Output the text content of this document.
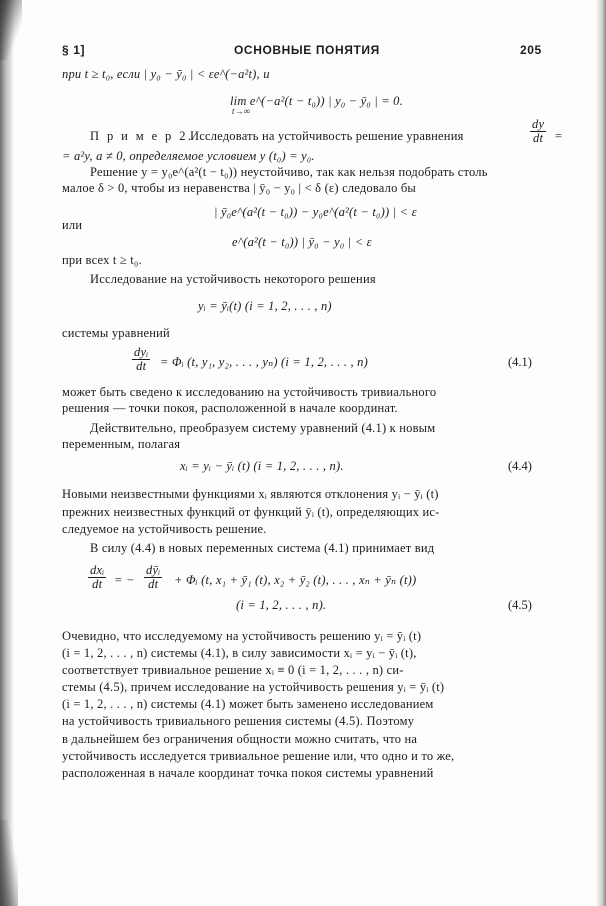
§ 1]	ОСНОВНЫЕ ПОНЯТИЯ	205
при t ≥ t₀, если | y₀ − ȳ₀ | < εe^(−a²t), и
lim e^(−a²(t − t₀)) | y₀ − ȳ₀ | = 0.
t→∞
П р и м е р 2.
Исследовать на устойчивость решение уравнения	$\frac{dy}{dt}$ =
= a²y, a ≠ 0, определяемое условием y (t₀) = y₀.
Решение y = y₀e^(a²(t − t₀)) неустойчиво, так как нельзя подобрать столь
малое δ > 0, чтобы из неравенства | ȳ₀ − y₀ | < δ (ε) следовало бы
| ȳ₀e^(a²(t − t₀)) − y₀e^(a²(t − t₀)) | < ε
или
e^(a²(t − t₀)) | ȳ₀ − y₀ | < ε
при всех t ≥ t₀.
Исследование на устойчивость некоторого решения
yᵢ = ȳᵢ(t) (i = 1, 2, . . . , n)
системы уравнений
dyᵢ
dt	= Φᵢ (t, y₁, y₂, . . . , yₙ) (i = 1, 2, . . . , n)	(4.1)
может быть сведено к исследованию на устойчивость тривиального
решения — точки покоя, расположенной в начале координат.
Действительно, преобразуем систему уравнений (4.1) к новым
переменным, полагая
xᵢ = yᵢ − ȳᵢ (t) (i = 1, 2, . . . , n).	(4.4)
Новыми неизвестными функциями xᵢ являются отклонения yᵢ − ȳᵢ (t)
прежних неизвестных функций от функций ȳᵢ (t), определяющих ис-
следуемое на устойчивость решение.
В силу (4.4) в новых переменных система (4.1) принимает вид
dxᵢ
dt = −
dȳᵢ
dt	+ Φᵢ (t, x₁ + ȳ₁ (t), x₂ + ȳ₂ (t), . . . , xₙ + ȳₙ (t))
(i = 1, 2, . . . , n).	(4.5)
Очевидно, что исследуемому на устойчивость решению yᵢ = ȳᵢ (t)
(i = 1, 2, . . . , n) системы (4.1), в силу зависимости xᵢ = yᵢ − ȳᵢ (t),
соответствует тривиальное решение xᵢ ≡ 0 (i = 1, 2, . . . , n) си-
стемы (4.5), причем исследование на устойчивость решения yᵢ = ȳᵢ (t)
(i = 1, 2, . . . , n) системы (4.1) может быть заменено исследованием
на устойчивость тривиального решения системы (4.5). Поэтому
в дальнейшем без ограничения общности можно считать, что на
устойчивость исследуется тривиальное решение или, что одно и то же,
расположенная в начале координат точка покоя системы уравнений
